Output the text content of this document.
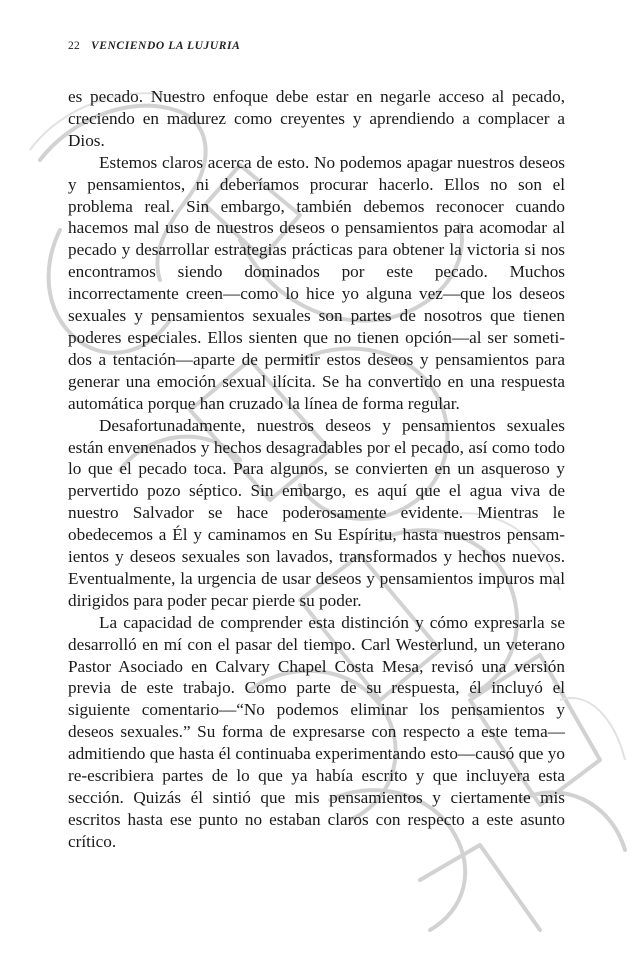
22 VENCIENDO LA LUJURIA

es pecado. Nuestro enfoque debe estar en negarle acceso al pecado, creciendo en madurez como creyentes y aprendiendo a complacer a Dios.

Estemos claros acerca de esto. No podemos apagar nuestros deseos y pensamientos, ni deberíamos procurar hacerlo. Ellos no son el problema real. Sin embargo, también debemos reconocer cuando hacemos mal uso de nuestros deseos o pensamientos para acomodar al pecado y desarrollar estrategias prácticas para obtener la victoria si nos encontramos siendo dominados por este pecado. Muchos incorrectamente creen—como lo hice yo alguna vez—que los deseos sexuales y pensamientos sexuales son partes de nosotros que tienen poderes especiales. Ellos sienten que no tienen opción—al ser sometidos a tentación—aparte de permitir estos deseos y pensamientos para generar una emoción sexual ilícita. Se ha convertido en una respuesta automática porque han cruzado la línea de forma regular.

Desafortunadamente, nuestros deseos y pensamientos sexuales están envenenados y hechos desagradables por el pecado, así como todo lo que el pecado toca. Para algunos, se convierten en un asqueroso y pervertido pozo séptico. Sin embargo, es aquí que el agua viva de nuestro Salvador se hace poderosamente evidente. Mientras le obedecemos a Él y caminamos en Su Espíritu, hasta nuestros pensamientos y deseos sexuales son lavados, transformados y hechos nuevos. Eventualmente, la urgencia de usar deseos y pensamientos impuros mal dirigidos para poder pecar pierde su poder.

La capacidad de comprender esta distinción y cómo expresarla se desarrolló en mí con el pasar del tiempo. Carl Westerlund, un veterano Pastor Asociado en Calvary Chapel Costa Mesa, revisó una versión previa de este trabajo. Como parte de su respuesta, él incluyó el siguiente comentario—“No podemos eliminar los pensamientos y deseos sexuales.” Su forma de expresarse con respecto a este tema—admitiendo que hasta él continuaba experimentando esto—causó que yo re-escribiera partes de lo que ya había escrito y que incluyera esta sección. Quizás él sintió que mis pensamientos y ciertamente mis escritos hasta ese punto no estaban claros con respecto a este asunto crítico.
